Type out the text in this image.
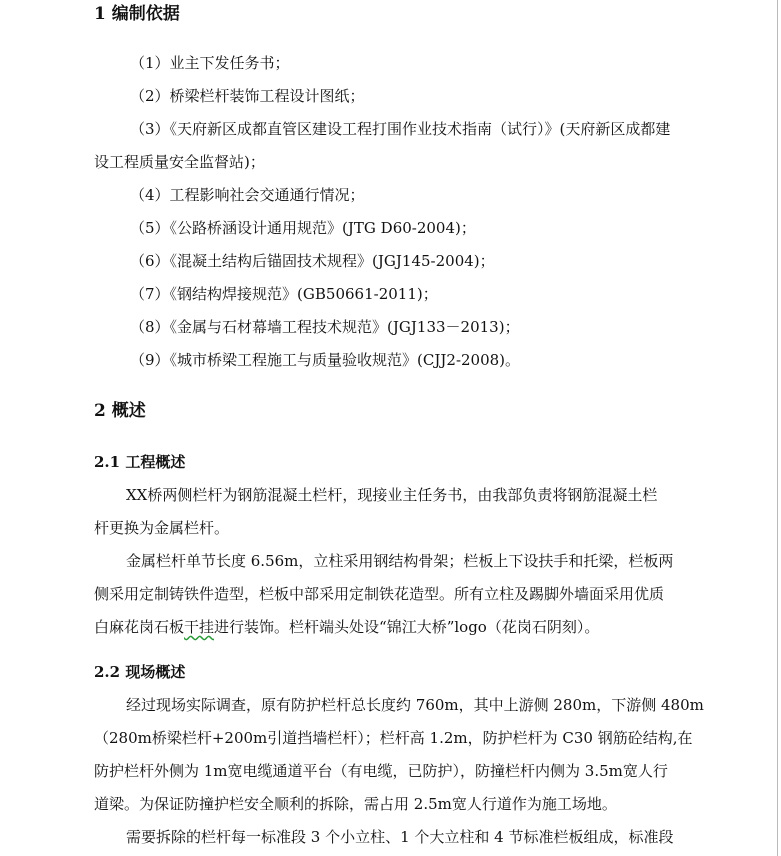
1 编制依据
（1）业主下发任务书；
（2）桥梁栏杆装饰工程设计图纸；
（3）《天府新区成都直管区建设工程打围作业技术指南（试行）》(天府新区成都建
设工程质量安全监督站)；
（4）工程影响社会交通通行情况；
（5）《公路桥涵设计通用规范》(JTG D60-2004)；
（6）《混凝土结构后锚固技术规程》(JGJ145-2004)；
（7）《钢结构焊接规范》(GB50661-2011)；
（8）《金属与石材幕墙工程技术规范》(JGJ133－2013)；
（9）《城市桥梁工程施工与质量验收规范》(CJJ2-2008)。
2 概述
2.1 工程概述
XX桥两侧栏杆为钢筋混凝土栏杆，现接业主任务书，由我部负责将钢筋混凝土栏
杆更换为金属栏杆。
金属栏杆单节长度 6.56m，立柱采用钢结构骨架；栏板上下设扶手和托梁，栏板两
侧采用定制铸铁件造型，栏板中部采用定制铁花造型。所有立柱及踢脚外墙面采用优质
白麻花岗石板干挂进行装饰。栏杆端头处设“锦江大桥”logo（花岗石阴刻）。
2.2 现场概述
经过现场实际调查，原有防护栏杆总长度约 760m，其中上游侧 280m，下游侧 480m
（280m桥梁栏杆+200m引道挡墙栏杆）；栏杆高 1.2m，防护栏杆为 C30 钢筋砼结构,在
防护栏杆外侧为 1m宽电缆通道平台（有电缆，已防护），防撞栏杆内侧为 3.5m宽人行
道梁。为保证防撞护栏安全顺利的拆除，需占用 2.5m宽人行道作为施工场地。
需要拆除的栏杆每一标准段 3 个小立柱、1 个大立柱和 4 节标准栏板组成，标准段
